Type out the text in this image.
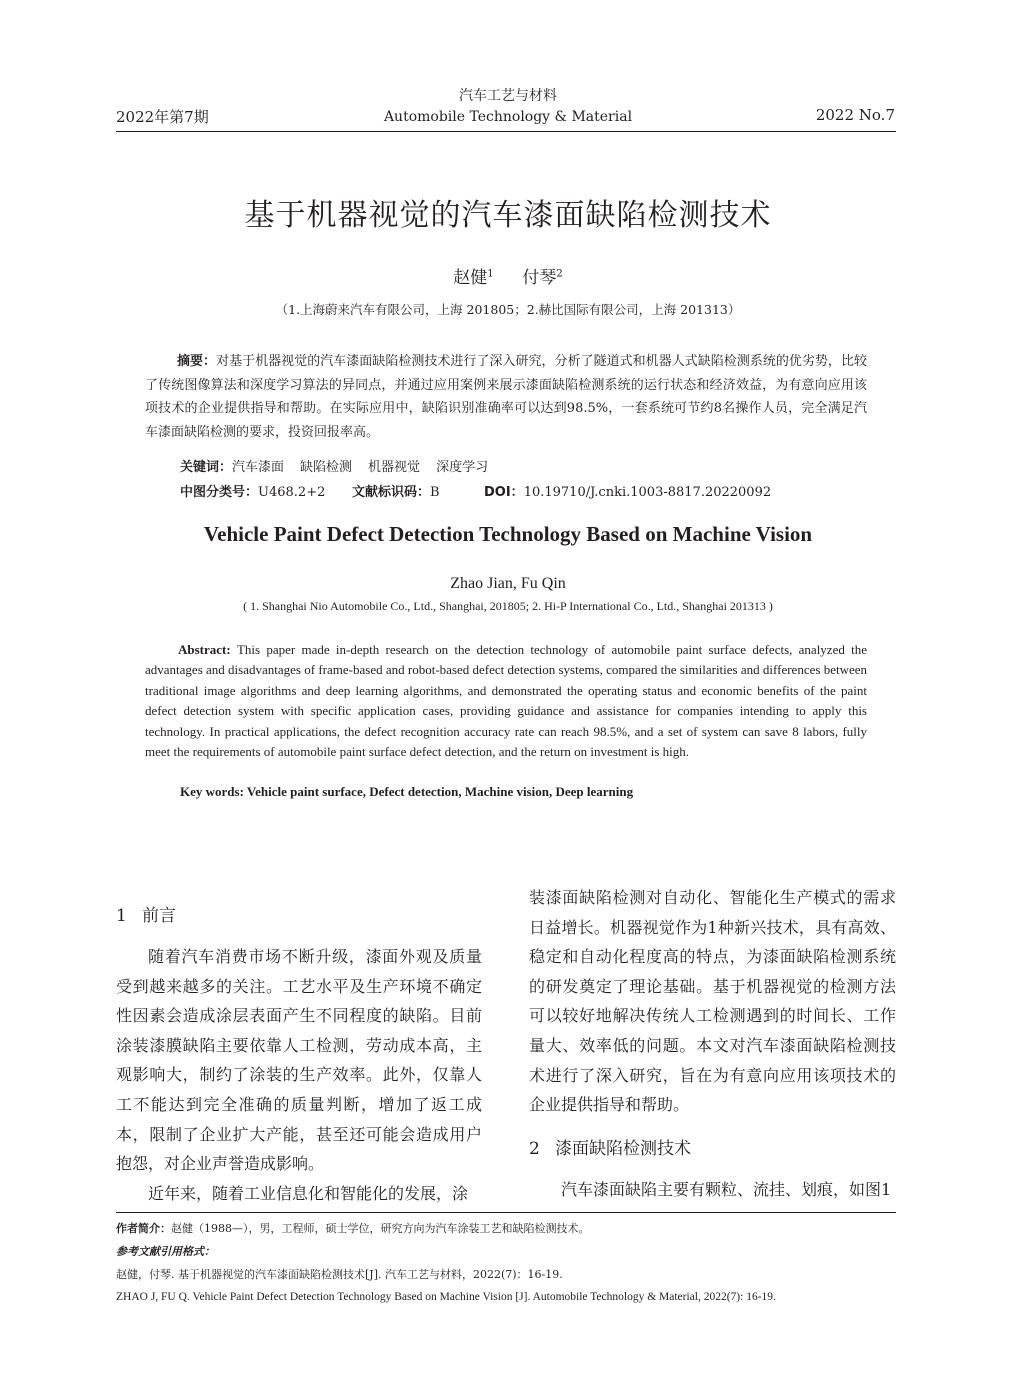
2022年第7期
汽车工艺与材料
Automobile Technology & Material	2022 No.7
基于机器视觉的汽车漆面缺陷检测技术
赵健$^1$ 付琴$^2$
（1.上海蔚来汽车有限公司，上海 201805；2.赫比国际有限公司，上海 201313）
摘要：对基于机器视觉的汽车漆面缺陷检测技术进行了深入研究，分析了隧道式和机器人式缺陷检测系统的优劣势，比较了传统图像算法和深度学习算法的异同点，并通过应用案例来展示漆面缺陷检测系统的运行状态和经济效益，为有意向应用该项技术的企业提供指导和帮助。在实际应用中，缺陷识别准确率可以达到98.5%，一套系统可节约8名操作人员，完全满足汽车漆面缺陷检测的要求，投资回报率高。
关键词：汽车漆面 缺陷检测 机器视觉 深度学习
中图分类号：U468.2+2 文献标识码：B	DOI：10.19710/J.cnki.1003-8817.20220092
Vehicle Paint Defect Detection Technology Based on Machine Vision
Zhao Jian, Fu Qin
( 1. Shanghai Nio Automobile Co., Ltd., Shanghai, 201805; 2. Hi-P International Co., Ltd., Shanghai 201313 )
Abstract: This paper made in-depth research on the detection technology of automobile paint surface defects, analyzed the advantages and disadvantages of frame-based and robot-based defect detection systems, compared the similarities and differences between traditional image algorithms and deep learning algorithms, and demonstrated the operating status and economic benefits of the paint defect detection system with specific application cases, providing guidance and assistance for companies intending to apply this technology. In practical applications, the defect recognition accuracy rate can reach 98.5%, and a set of system can save 8 labors, fully meet the requirements of automobile paint surface defect detection, and the return on investment is high.
Key words: Vehicle paint surface, Defect detection, Machine vision, Deep learning
1 前言

随着汽车消费市场不断升级，漆面外观及质量受到越来越多的关注。工艺水平及生产环境不确定性因素会造成涂层表面产生不同程度的缺陷。目前涂装漆膜缺陷主要依靠人工检测，劳动成本高，主观影响大，制约了涂装的生产效率。此外，仅靠人工不能达到完全准确的质量判断，增加了返工成本，限制了企业扩大产能，甚至还可能会造成用户抱怨，对企业声誉造成影响。

近年来，随着工业信息化和智能化的发展，涂

装漆面缺陷检测对自动化、智能化生产模式的需求日益增长。机器视觉作为1种新兴技术，具有高效、稳定和自动化程度高的特点，为漆面缺陷检测系统的研发奠定了理论基础。基于机器视觉的检测方法可以较好地解决传统人工检测遇到的时间长、工作量大、效率低的问题。本文对汽车漆面缺陷检测技术进行了深入研究，旨在为有意向应用该项技术的企业提供指导和帮助。

2 漆面缺陷检测技术

汽车漆面缺陷主要有颗粒、流挂、划痕，如图1

作者简介：赵健（1988—），男，工程师，硕士学位，研究方向为汽车涂装工艺和缺陷检测技术。
参考文献引用格式：
赵健，付琴. 基于机器视觉的汽车漆面缺陷检测技术[J]. 汽车工艺与材料，2022(7)：16-19.
ZHAO J, FU Q. Vehicle Paint Defect Detection Technology Based on Machine Vision [J]. Automobile Technology & Material, 2022(7): 16-19.
